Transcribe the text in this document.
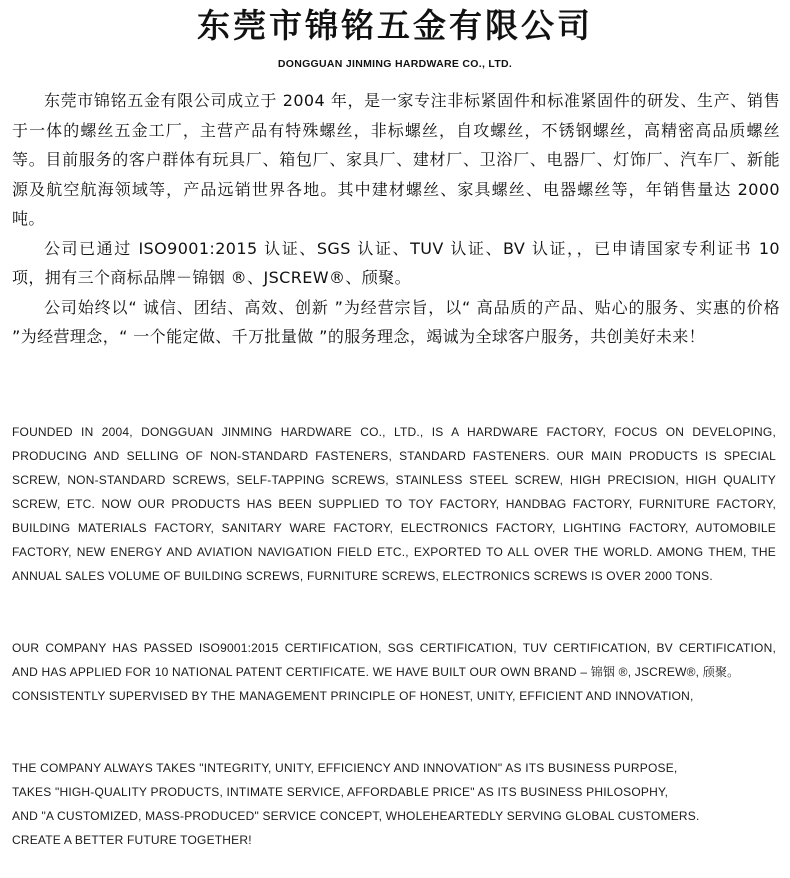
东莞市锦铭五金有限公司
DONGGUAN JINMING HARDWARE CO., LTD.

东莞市锦铭五金有限公司成立于 2004 年，是一家专注非标紧固件和标准紧固件的研发、生产、销售于一体的螺丝五金工厂，主营产品有特殊螺丝，非标螺丝，自攻螺丝，不锈钢螺丝，高精密高品质螺丝等。目前服务的客户群体有玩具厂、箱包厂、家具厂、建材厂、卫浴厂、电器厂、灯饰厂、汽车厂、新能源及航空航海领域等，产品远销世界各地。其中建材螺丝、家具螺丝、电器螺丝等，年销售量达 2000 吨。

公司已通过 ISO9001:2015 认证、SGS 认证、TUV 认证、BV 认证，，已申请国家专利证书 10 项，拥有三个商标品牌－锦铟 ®、JSCREW®、颀聚。

公司始终以“ 诚信、团结、高效、创新 ”为经营宗旨，以“ 高品质的产品、贴心的服务、实惠的价格 ”为经营理念，“ 一个能定做、千万批量做 ”的服务理念，竭诚为全球客户服务，共创美好未来！

FOUNDED IN 2004, DONGGUAN JINMING HARDWARE CO., LTD., IS A HARDWARE FACTORY, FOCUS ON DEVELOPING, PRODUCING AND SELLING OF NON-STANDARD FASTENERS, STANDARD FASTENERS. OUR MAIN PRODUCTS IS SPECIAL SCREW, NON-STANDARD SCREWS, SELF-TAPPING SCREWS, STAINLESS STEEL SCREW, HIGH PRECISION, HIGH QUALITY SCREW, ETC. NOW OUR PRODUCTS HAS BEEN SUPPLIED TO TOY FACTORY, HANDBAG FACTORY, FURNITURE FACTORY, BUILDING MATERIALS FACTORY, SANITARY WARE FACTORY, ELECTRONICS FACTORY, LIGHTING FACTORY, AUTOMOBILE FACTORY, NEW ENERGY AND AVIATION NAVIGATION FIELD ETC., EXPORTED TO ALL OVER THE WORLD. AMONG THEM, THE ANNUAL SALES VOLUME OF BUILDING SCREWS, FURNITURE SCREWS, ELECTRONICS SCREWS IS OVER 2000 TONS.

OUR COMPANY HAS PASSED ISO9001:2015 CERTIFICATION, SGS CERTIFICATION, TUV CERTIFICATION, BV CERTIFICATION, AND HAS APPLIED FOR 10 NATIONAL PATENT CERTIFICATE. WE HAVE BUILT OUR OWN BRAND – 锦铟 ®, JSCREW®, 颀聚。

CONSISTENTLY SUPERVISED BY THE MANAGEMENT PRINCIPLE OF HONEST, UNITY, EFFICIENT AND INNOVATION,

THE COMPANY ALWAYS TAKES "INTEGRITY, UNITY, EFFICIENCY AND INNOVATION" AS ITS BUSINESS PURPOSE,

TAKES "HIGH-QUALITY PRODUCTS, INTIMATE SERVICE, AFFORDABLE PRICE" AS ITS BUSINESS PHILOSOPHY,

AND "A CUSTOMIZED, MASS-PRODUCED" SERVICE CONCEPT, WHOLEHEARTEDLY SERVING GLOBAL CUSTOMERS.

CREATE A BETTER FUTURE TOGETHER!
